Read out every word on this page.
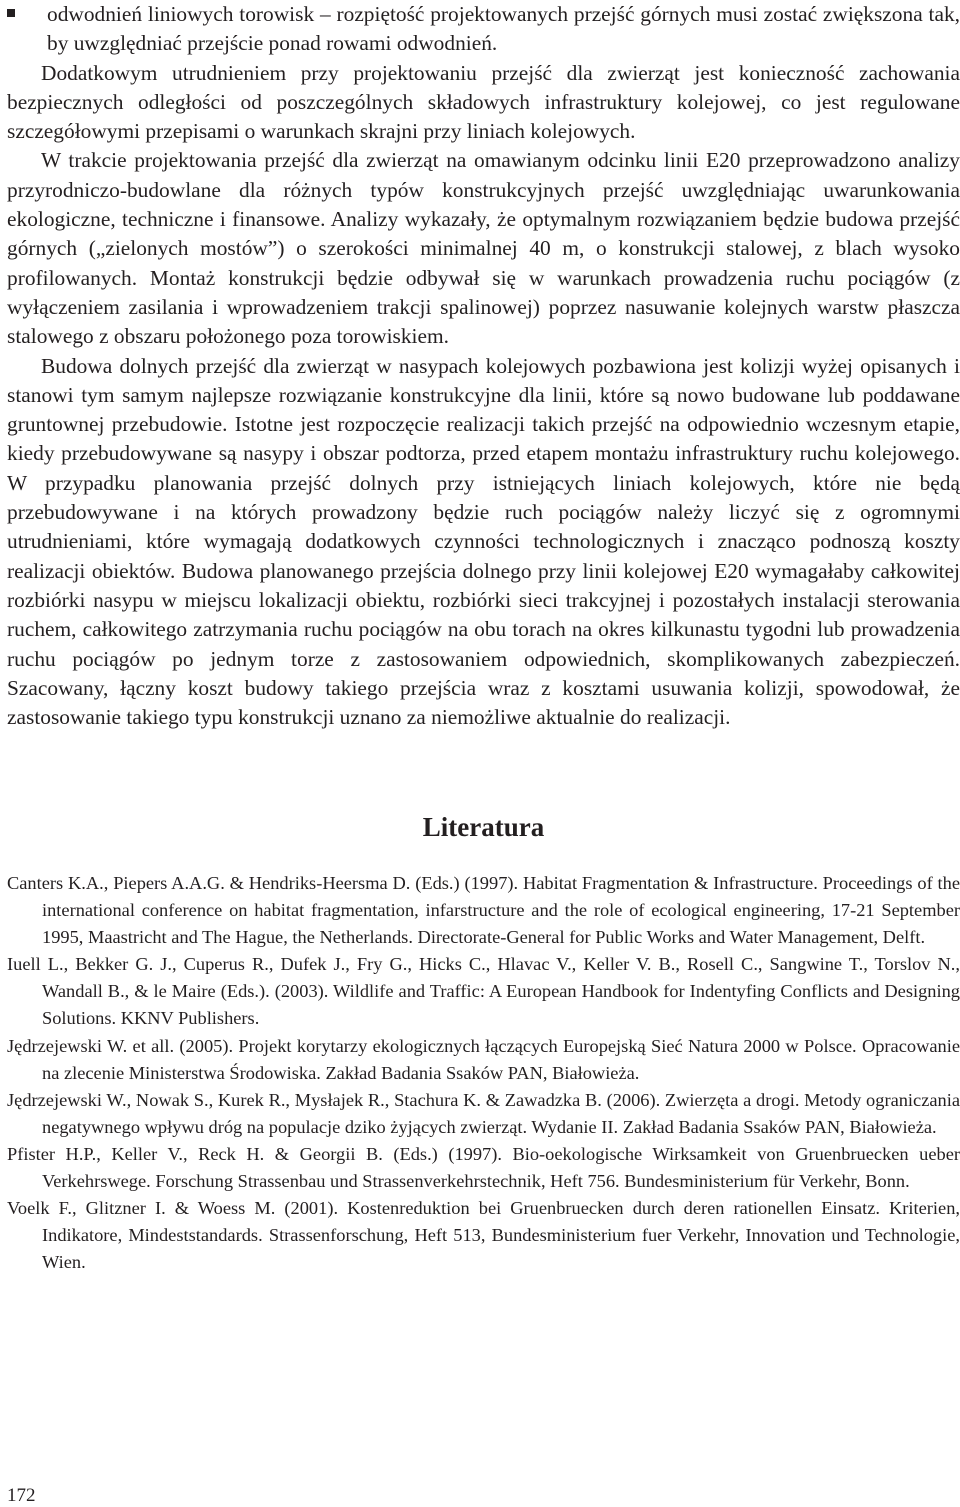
odwodnień liniowych torowisk – rozpiętość projektowanych przejść górnych musi zostać zwiększona tak, by uwzględniać przejście ponad rowami odwodnień.

Dodatkowym utrudnieniem przy projektowaniu przejść dla zwierząt jest konieczność zachowania bezpiecznych odległości od poszczególnych składowych infrastruktury kolejowej, co jest regulowane szczegółowymi przepisami o warunkach skrajni przy liniach kolejowych.

W trakcie projektowania przejść dla zwierząt na omawianym odcinku linii E20 przeprowadzono analizy przyrodniczo-budowlane dla różnych typów konstrukcyjnych przejść uwzględniając uwarunkowania ekologiczne, techniczne i finansowe. Analizy wykazały, że optymalnym rozwiązaniem będzie budowa przejść górnych („zielonych mostów”) o szerokości minimalnej 40 m, o konstrukcji stalowej, z blach wysoko profilowanych. Montaż konstrukcji będzie odbywał się w warunkach prowadzenia ruchu pociągów (z wyłączeniem zasilania i wprowadzeniem trakcji spalinowej) poprzez nasuwanie kolejnych warstw płaszcza stalowego z obszaru położonego poza torowiskiem.

Budowa dolnych przejść dla zwierząt w nasypach kolejowych pozbawiona jest kolizji wyżej opisanych i stanowi tym samym najlepsze rozwiązanie konstrukcyjne dla linii, które są nowo budowane lub poddawane gruntownej przebudowie. Istotne jest rozpoczęcie realizacji takich przejść na odpowiednio wczesnym etapie, kiedy przebudowywane są nasypy i obszar podtorza, przed etapem montażu infrastruktury ruchu kolejowego. W przypadku planowania przejść dolnych przy istniejących liniach kolejowych, które nie będą przebudowywane i na których prowadzony będzie ruch pociągów należy liczyć się z ogromnymi utrudnieniami, które wymagają dodatkowych czynności technologicznych i znacząco podnoszą koszty realizacji obiektów. Budowa planowanego przejścia dolnego przy linii kolejowej E20 wymagałaby całkowitej rozbiórki nasypu w miejscu lokalizacji obiektu, rozbiórki sieci trakcyjnej i pozostałych instalacji sterowania ruchem, całkowitego zatrzymania ruchu pociągów na obu torach na okres kilkunastu tygodni lub prowadzenia ruchu pociągów po jednym torze z zastosowaniem odpowiednich, skomplikowanych zabezpieczeń. Szacowany, łączny koszt budowy takiego przejścia wraz z kosztami usuwania kolizji, spowodował, że zastosowanie takiego typu konstrukcji uznano za niemożliwe aktualnie do realizacji.

Literatura
Canters K.A., Piepers A.A.G. & Hendriks-Heersma D. (Eds.) (1997). Habitat Fragmentation & Infrastructure. Proceedings of the international conference on habitat fragmentation, infarstructure and the role of ecological engineering, 17-21 September 1995, Maastricht and The Hague, the Netherlands. Directorate-General for Public Works and Water Management, Delft.
Iuell L., Bekker G. J., Cuperus R., Dufek J., Fry G., Hicks C., Hlavac V., Keller V. B., Rosell C., Sangwine T., Torslov N., Wandall B., & le Maire (Eds.). (2003). Wildlife and Traffic: A European Handbook for Indentyfing Conflicts and Designing Solutions. KKNV Publishers.
Jędrzejewski W. et all. (2005). Projekt korytarzy ekologicznych łączących Europejską Sieć Natura 2000 w Polsce. Opracowanie na zlecenie Ministerstwa Środowiska. Zakład Badania Ssaków PAN, Białowieża.
Jędrzejewski W., Nowak S., Kurek R., Mysłajek R., Stachura K. & Zawadzka B. (2006). Zwierzęta a drogi. Metody ograniczania negatywnego wpływu dróg na populacje dziko żyjących zwierząt. Wydanie II. Zakład Badania Ssaków PAN, Białowieża.
Pfister H.P., Keller V., Reck H. & Georgii B. (Eds.) (1997). Bio-oekologische Wirksamkeit von Gruenbruecken ueber Verkehrswege. Forschung Strassenbau und Strassenverkehrstechnik, Heft 756. Bundesministerium für Verkehr, Bonn.
Voelk F., Glitzner I. & Woess M. (2001). Kostenreduktion bei Gruenbruecken durch deren rationellen Einsatz. Kriterien, Indikatore, Mindeststandards. Strassenforschung, Heft 513, Bundesministerium fuer Verkehr, Innovation und Technologie, Wien.

172
